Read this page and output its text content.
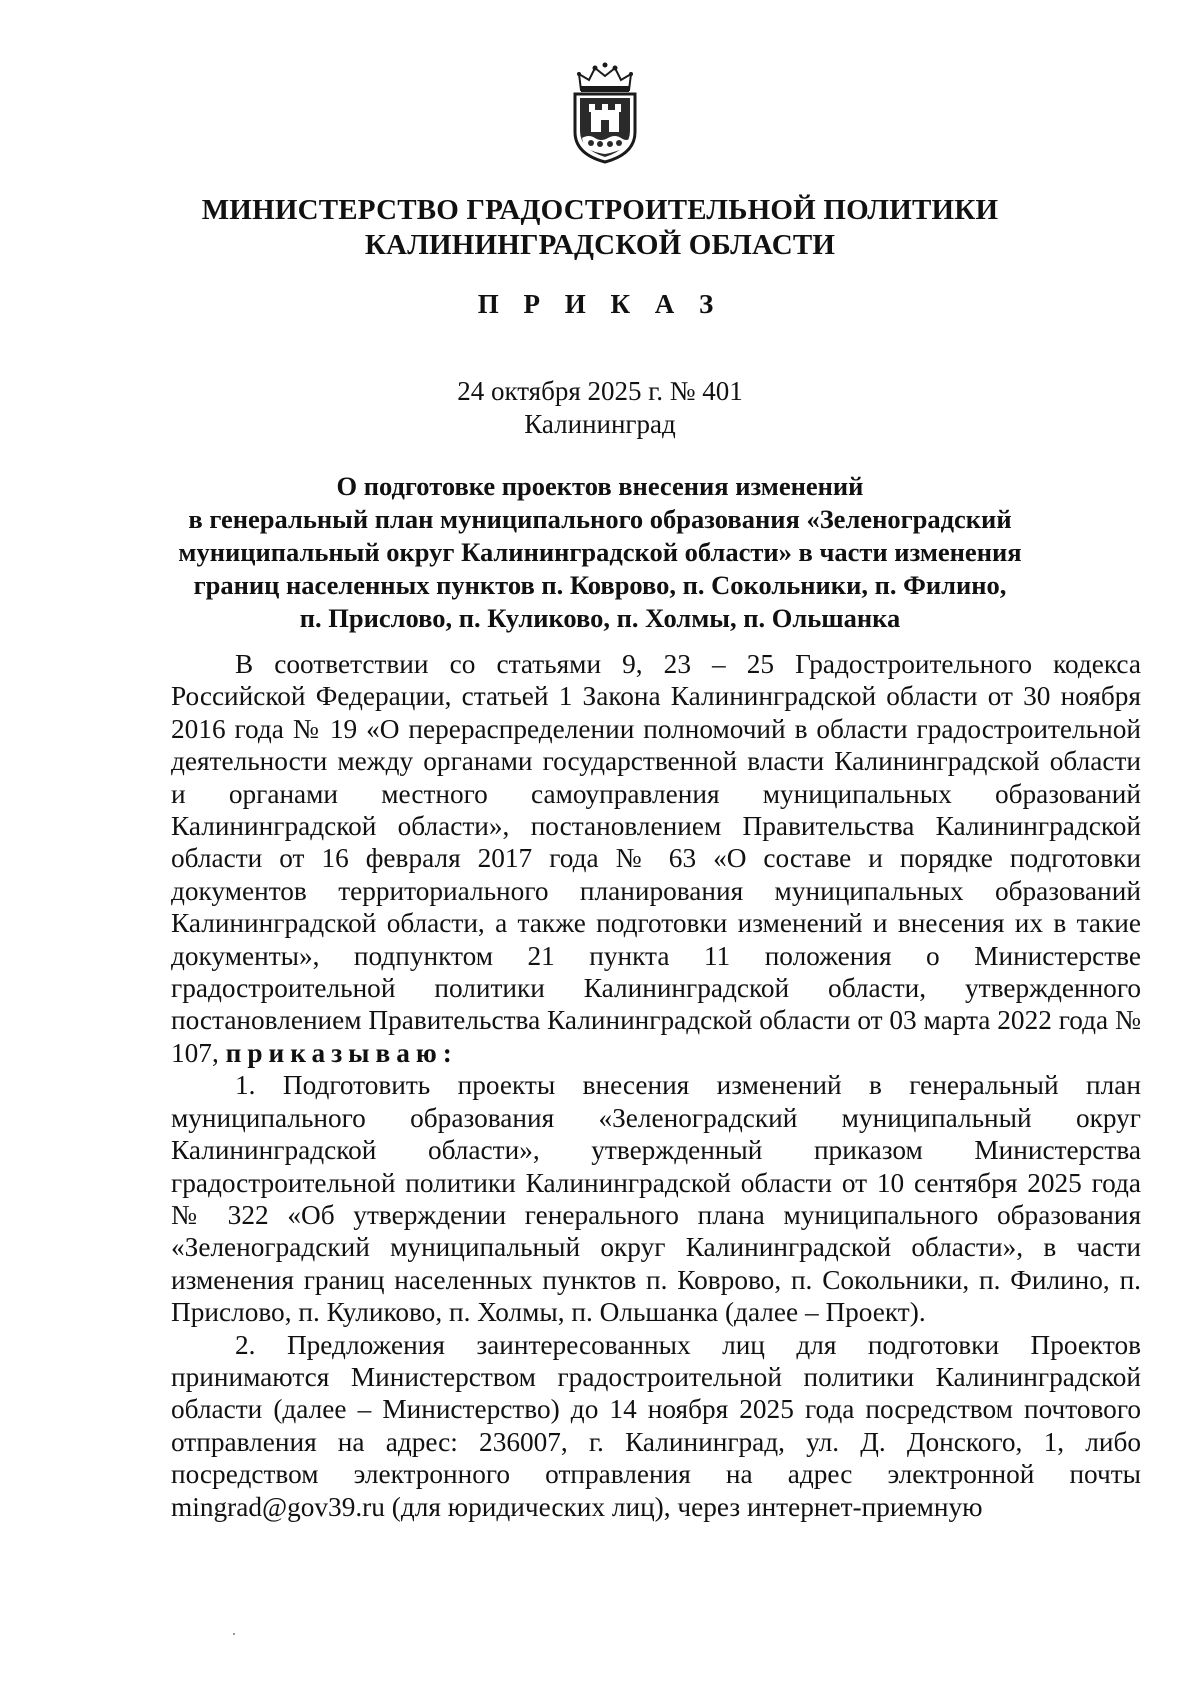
МИНИСТЕРСТВО ГРАДОСТРОИТЕЛЬНОЙ ПОЛИТИКИ
КАЛИНИНГРАДСКОЙ ОБЛАСТИ
П Р И К А З
24 октября 2025 г. № 401
Калининград
О подготовке проектов внесения изменений
в генеральный план муниципального образования «Зеленоградский
муниципальный округ Калининградской области» в части изменения
границ населенных пунктов п. Коврово, п. Сокольники, п. Филино,
п. Прислово, п. Куликово, п. Холмы, п. Ольшанка

В соответствии со статьями 9, 23 – 25 Градостроительного кодекса Российской Федерации, статьей 1 Закона Калининградской области от 30 ноября 2016 года № 19 «О перераспределении полномочий в области градостроительной деятельности между органами государственной власти Калининградской области и органами местного самоуправления муниципальных образований Калининградской области», постановлением Правительства Калининградской области от 16 февраля 2017 года № 63 «О составе и порядке подготовки документов территориального планирования муниципальных образований Калининградской области, а также подготовки изменений и внесения их в такие документы», подпунктом 21 пункта 11 положения о Министерстве градостроительной политики Калининградской области, утвержденного постановлением Правительства Калининградской области от 03 марта 2022 года № 107, приказываю:

1. Подготовить проекты внесения изменений в генеральный план муниципального образования «Зеленоградский муниципальный округ Калининградской области», утвержденный приказом Министерства градостроительной политики Калининградской области от 10 сентября 2025 года № 322 «Об утверждении генерального плана муниципального образования «Зеленоградский муниципальный округ Калининградской области», в части изменения границ населенных пунктов п. Коврово, п. Сокольники, п. Филино, п. Прислово, п. Куликово, п. Холмы, п. Ольшанка (далее – Проект).

2. Предложения заинтересованных лиц для подготовки Проектов принимаются Министерством градостроительной политики Калининградской области (далее – Министерство) до 14 ноября 2025 года посредством почтового отправления на адрес: 236007, г. Калининград, ул. Д. Донского, 1, либо посредством электронного отправления на адрес электронной почты mingrad@gov39.ru (для юридических лиц), через интернет-приемную
